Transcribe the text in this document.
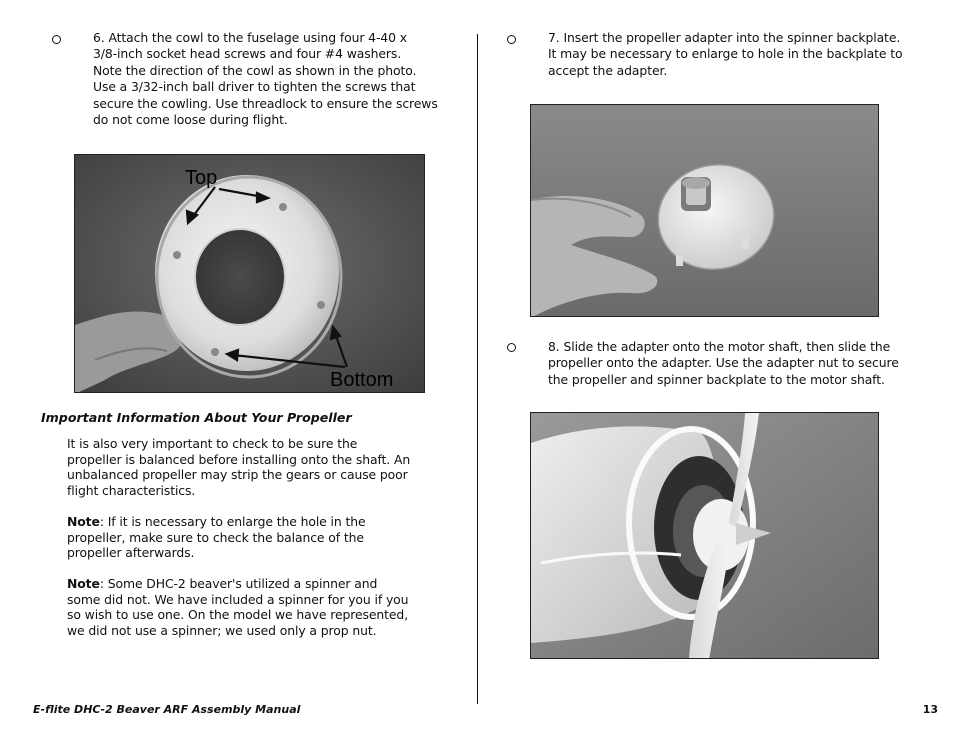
6. Attach the cowl to the fuselage using four 4-40 x
3/8-inch socket head screws and four #4 washers.
Note the direction of the cowl as shown in the photo.
Use a 3/32-inch ball driver to tighten the screws that
secure the cowling. Use threadlock to ensure the screws
do not come loose during flight.
Top
Bottom
Important Information About Your Propeller
It is also very important to check to be sure the
propeller is balanced before installing onto the shaft. An
unbalanced propeller may strip the gears or cause poor
flight characteristics.
Note: If it is necessary to enlarge the hole in the
propeller, make sure to check the balance of the
propeller afterwards.
Note: Some DHC-2 beaver's utilized a spinner and
some did not. We have included a spinner for you if you
so wish to use one. On the model we have represented,
we did not use a spinner; we used only a prop nut.
7. Insert the propeller adapter into the spinner backplate.
It may be necessary to enlarge to hole in the backplate to
accept the adapter.
8. Slide the adapter onto the motor shaft, then slide the
propeller onto the adapter. Use the adapter nut to secure
the propeller and spinner backplate to the motor shaft.
E-flite DHC-2 Beaver ARF Assembly Manual	13
